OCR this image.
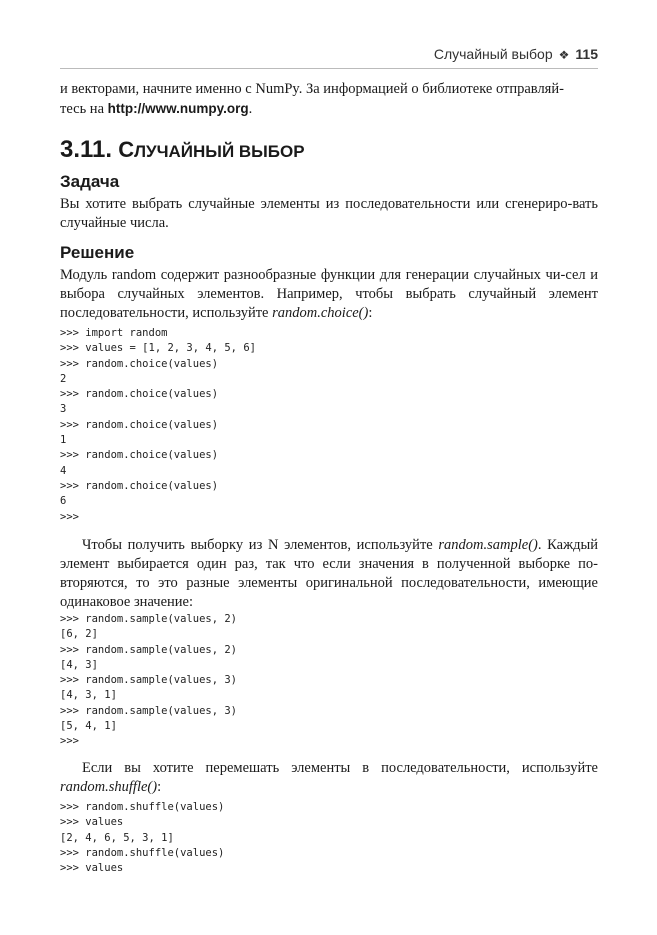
Случайный выбор ❖ 115

и векторами, начните именно с NumPy. За информацией о библиотеке отправляй-
тесь на http://www.numpy.org.

3.11. СЛУЧАЙНЫЙ ВЫБОР
Задача

Вы хотите выбрать случайные элементы из последовательности или сгенериро-вать случайные числа.

Решение

Модуль random содержит разнообразные функции для генерации случайных чи-сел и выбора случайных элементов. Например, чтобы выбрать случайный элемент последовательности, используйте random.choice():

>>> import random
>>> values = [1, 2, 3, 4, 5, 6]
>>> random.choice(values)
2
>>> random.choice(values)
3
>>> random.choice(values)
1
>>> random.choice(values)
4
>>> random.choice(values)
6
>>>

Чтобы получить выборку из N элементов, используйте random.sample(). Каждый элемент выбирается один раз, так что если значения в полученной выборке по-вторяются, то это разные элементы оригинальной последовательности, имеющие одинаковое значение:

>>> random.sample(values, 2)
[6, 2]
>>> random.sample(values, 2)
[4, 3]
>>> random.sample(values, 3)
[4, 3, 1]
>>> random.sample(values, 3)
[5, 4, 1]
>>>

Если вы хотите перемешать элементы в последовательности, используйте random.shuffle():

>>> random.shuffle(values)
>>> values
[2, 4, 6, 5, 3, 1]
>>> random.shuffle(values)
>>> values
